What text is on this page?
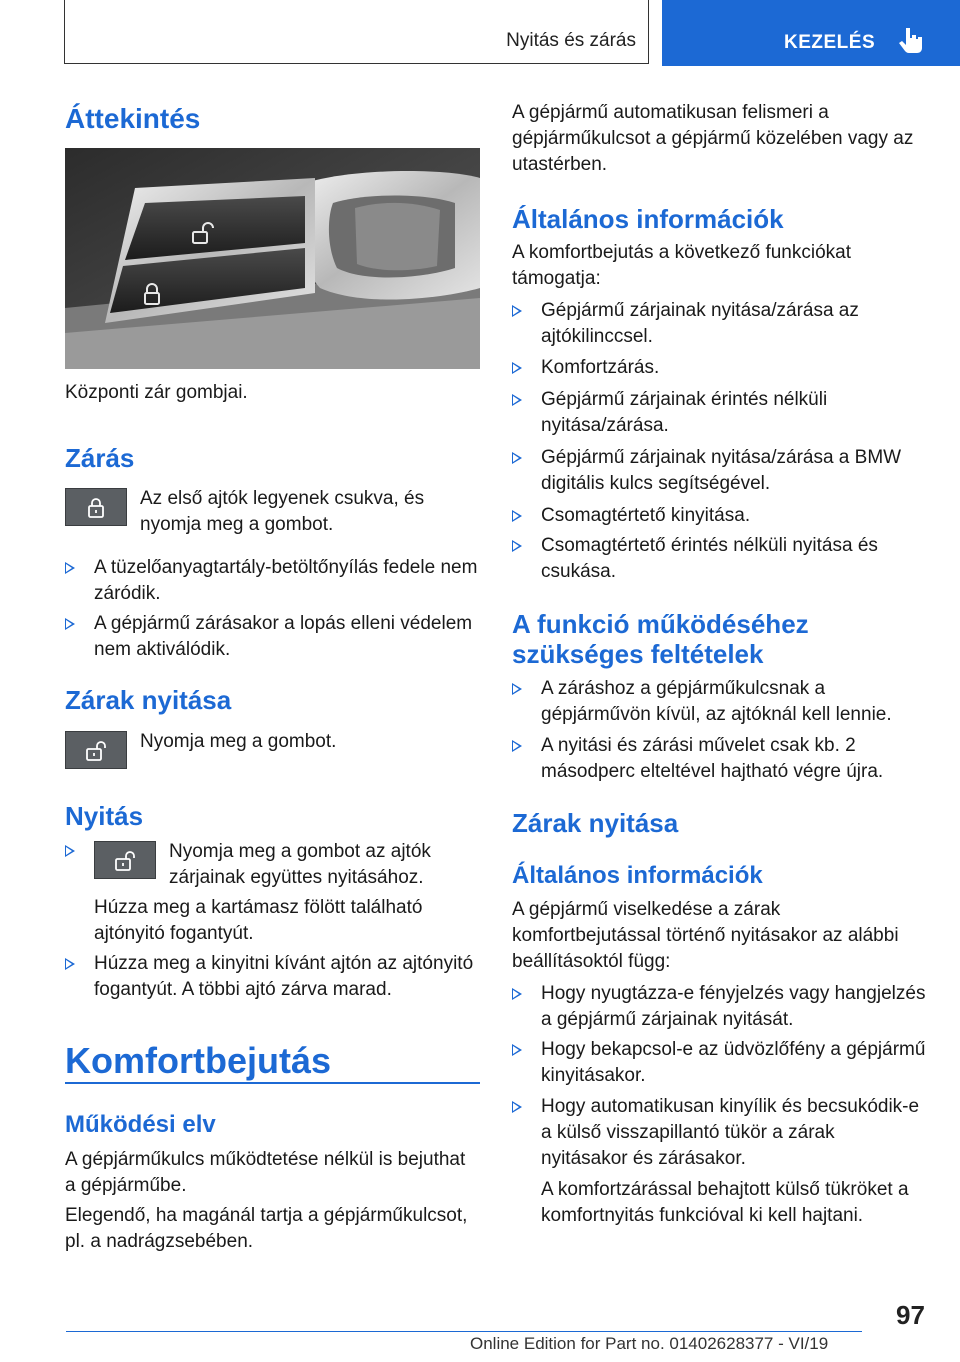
Nyitás és zárás	KEZELÉS
Áttekintés

Központi zár gombjai.

Zárás

Az első ajtók legyenek csukva, és nyomja meg a gombot.

A tüzelőanyagtartály-betöltőnyílás fedele nem záródik.
A gépjármű zárásakor a lopás elleni védelem nem aktiválódik.
Zárak nyitása

Nyomja meg a gombot.

Nyitás

Nyomja meg a gombot az ajtók zárjainak együttes nyitásához.

Húzza meg a kartámasz fölött található ajtónyitó fogantyút.

Húzza meg a kinyitni kívánt ajtón az ajtónyitó fogantyút. A többi ajtó zárva marad.
Komfortbejutás
Működési elv

A gépjárműkulcs működtetése nélkül is bejuthat a gépjárműbe.

Elegendő, ha magánál tartja a gépjárműkulcsot, pl. a nadrágzsebében.

A gépjármű automatikusan felismeri a gépjárműkulcsot a gépjármű közelében vagy az utastérben.

Általános információk

A komfortbejutás a következő funkciókat támogatja:

Gépjármű zárjainak nyitása/zárása az ajtókilinccsel.
Komfortzárás.
Gépjármű zárjainak érintés nélküli nyitása/zárása.
Gépjármű zárjainak nyitása/zárása a BMW digitális kulcs segítségével.
Csomagtértető kinyitása.
Csomagtértető érintés nélküli nyitása és csukása.
A funkció működéséhez szükséges feltételek
A záráshoz a gépjárműkulcsnak a gépjárművön kívül, az ajtóknál kell lennie.
A nyitási és zárási művelet csak kb. 2 másodperc elteltével hajtható végre újra.
Zárak nyitása
Általános információk

A gépjármű viselkedése a zárak komfortbejutással történő nyitásakor az alábbi beállításoktól függ:

Hogy nyugtázza-e fényjelzés vagy hangjelzés a gépjármű zárjainak nyitását.
Hogy bekapcsol-e az üdvözlőfény a gépjármű kinyitásakor.
Hogy automatikusan kinyílik és becsukódik-e a külső visszapillantó tükör a zárak nyitásakor és zárásakor.

A komfortzárással behajtott külső tükröket a komfortnyitás funkcióval ki kell hajtani.

97
Online Edition for Part no. 01402628377 - VI/19
